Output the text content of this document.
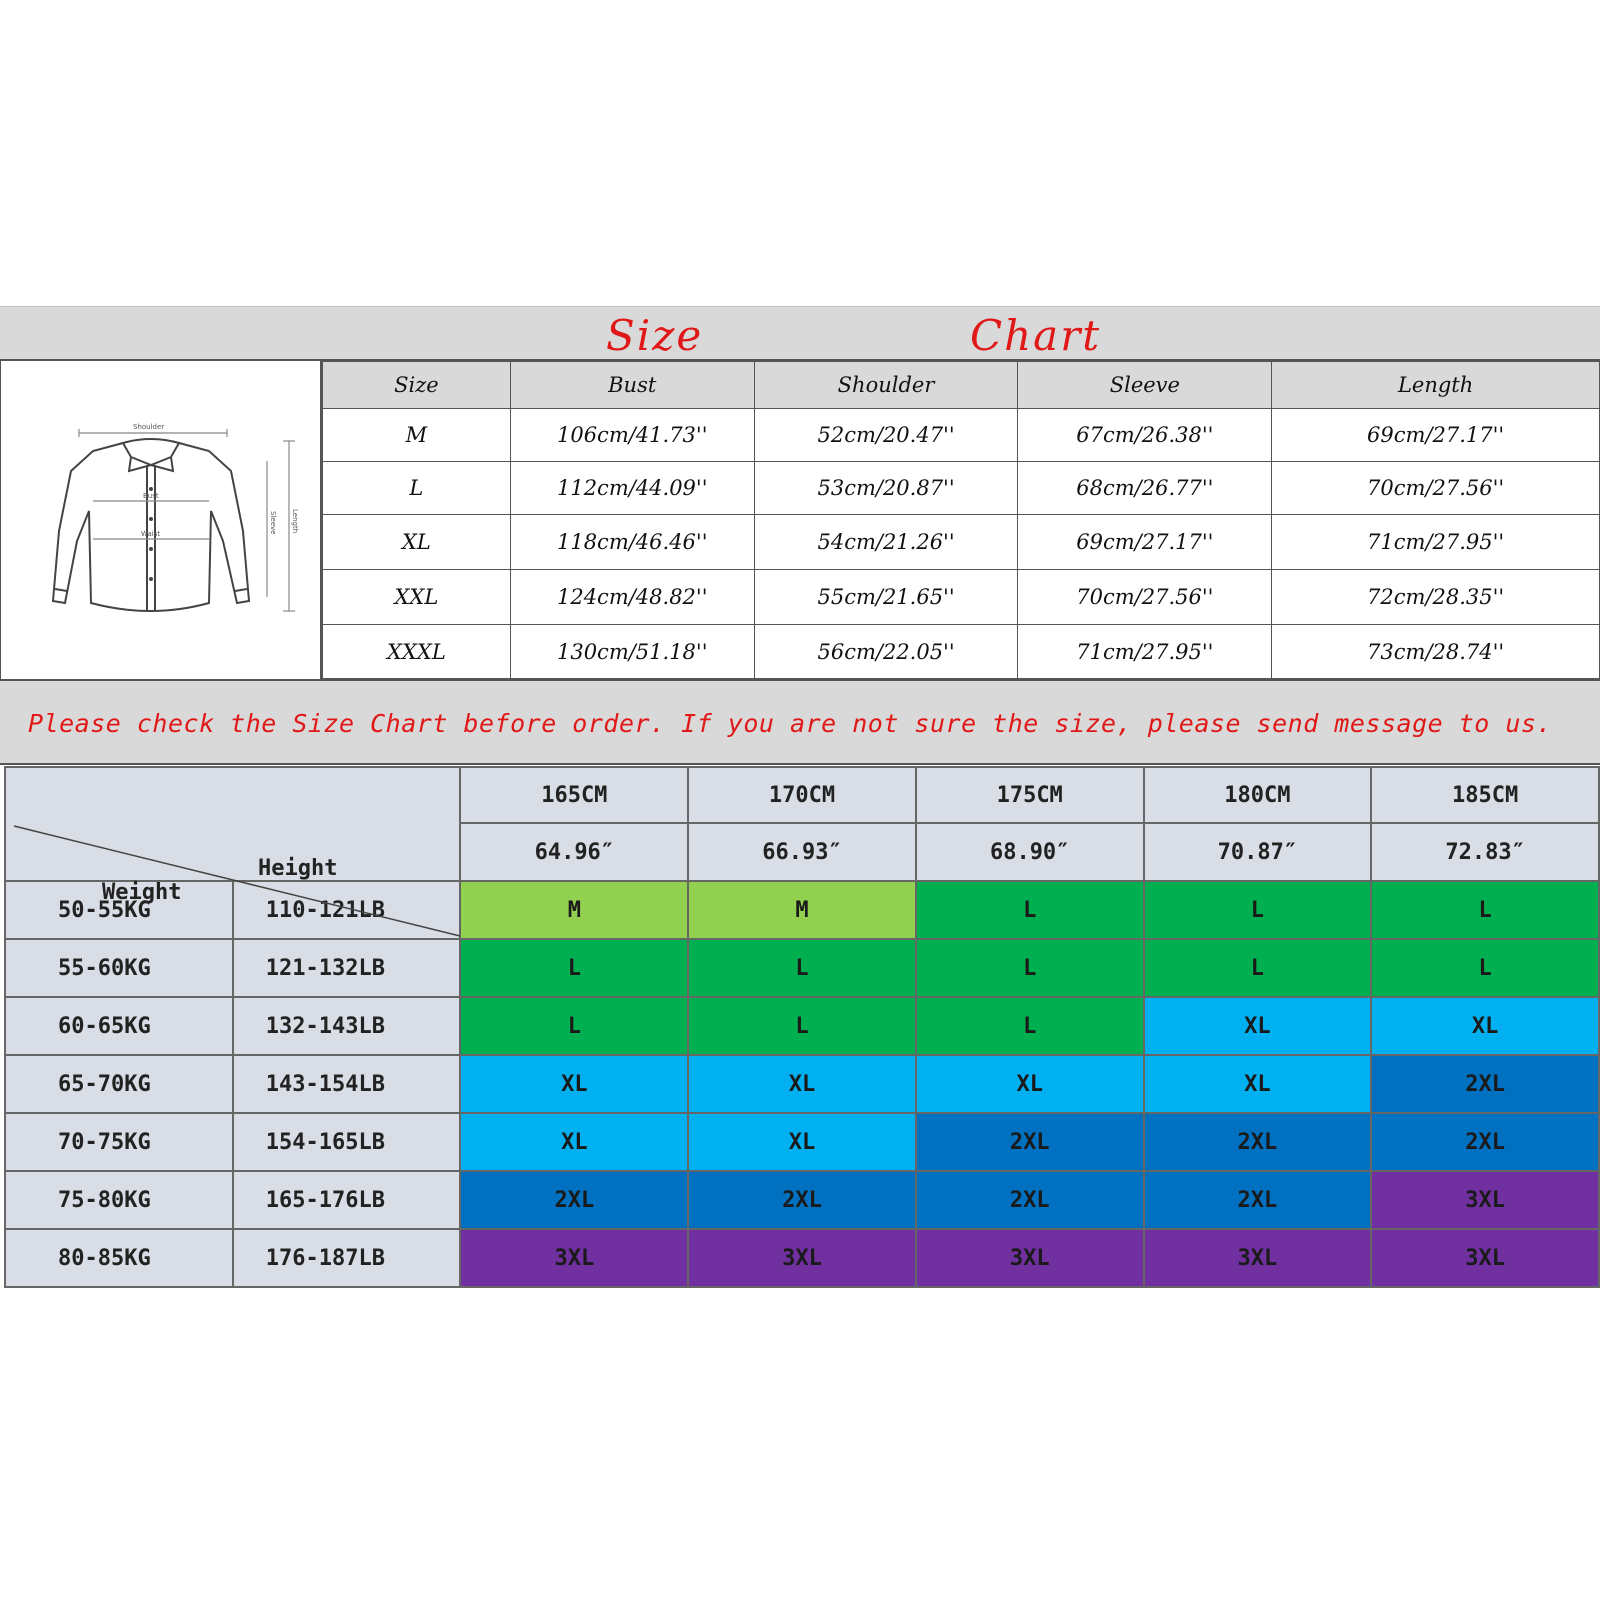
Size	Chart
Shoulder
Bust
Waist	Sleeve Length
Size	Bust	Shoulder	Sleeve	Length
M	106cm/41.73''	52cm/20.47''	67cm/26.38''	69cm/27.17''
L	112cm/44.09''	53cm/20.87''	68cm/26.77''	70cm/27.56''
XL	118cm/46.46''	54cm/21.26''	69cm/27.17''	71cm/27.95''
XXL	124cm/48.82''	55cm/21.65''	70cm/27.56''	72cm/28.35''
XXXL	130cm/51.18''	56cm/22.05''	71cm/27.95''	73cm/28.74''
Please check the Size Chart before order. If you are not sure the size, please send message to us.
Height
Weight		165CM	170CM	175CM	180CM	185CM
		64.96″	66.93″	68.90″	70.87″	72.83″
50-55KG	110-121LB	M	M	L	L	L
55-60KG	121-132LB	L	L	L	L	L
60-65KG	132-143LB	L	L	L	XL	XL
65-70KG	143-154LB	XL	XL	XL	XL	2XL
70-75KG	154-165LB	XL	XL	2XL	2XL	2XL
75-80KG	165-176LB	2XL	2XL	2XL	2XL	3XL
80-85KG	176-187LB	3XL	3XL	3XL	3XL	3XL
